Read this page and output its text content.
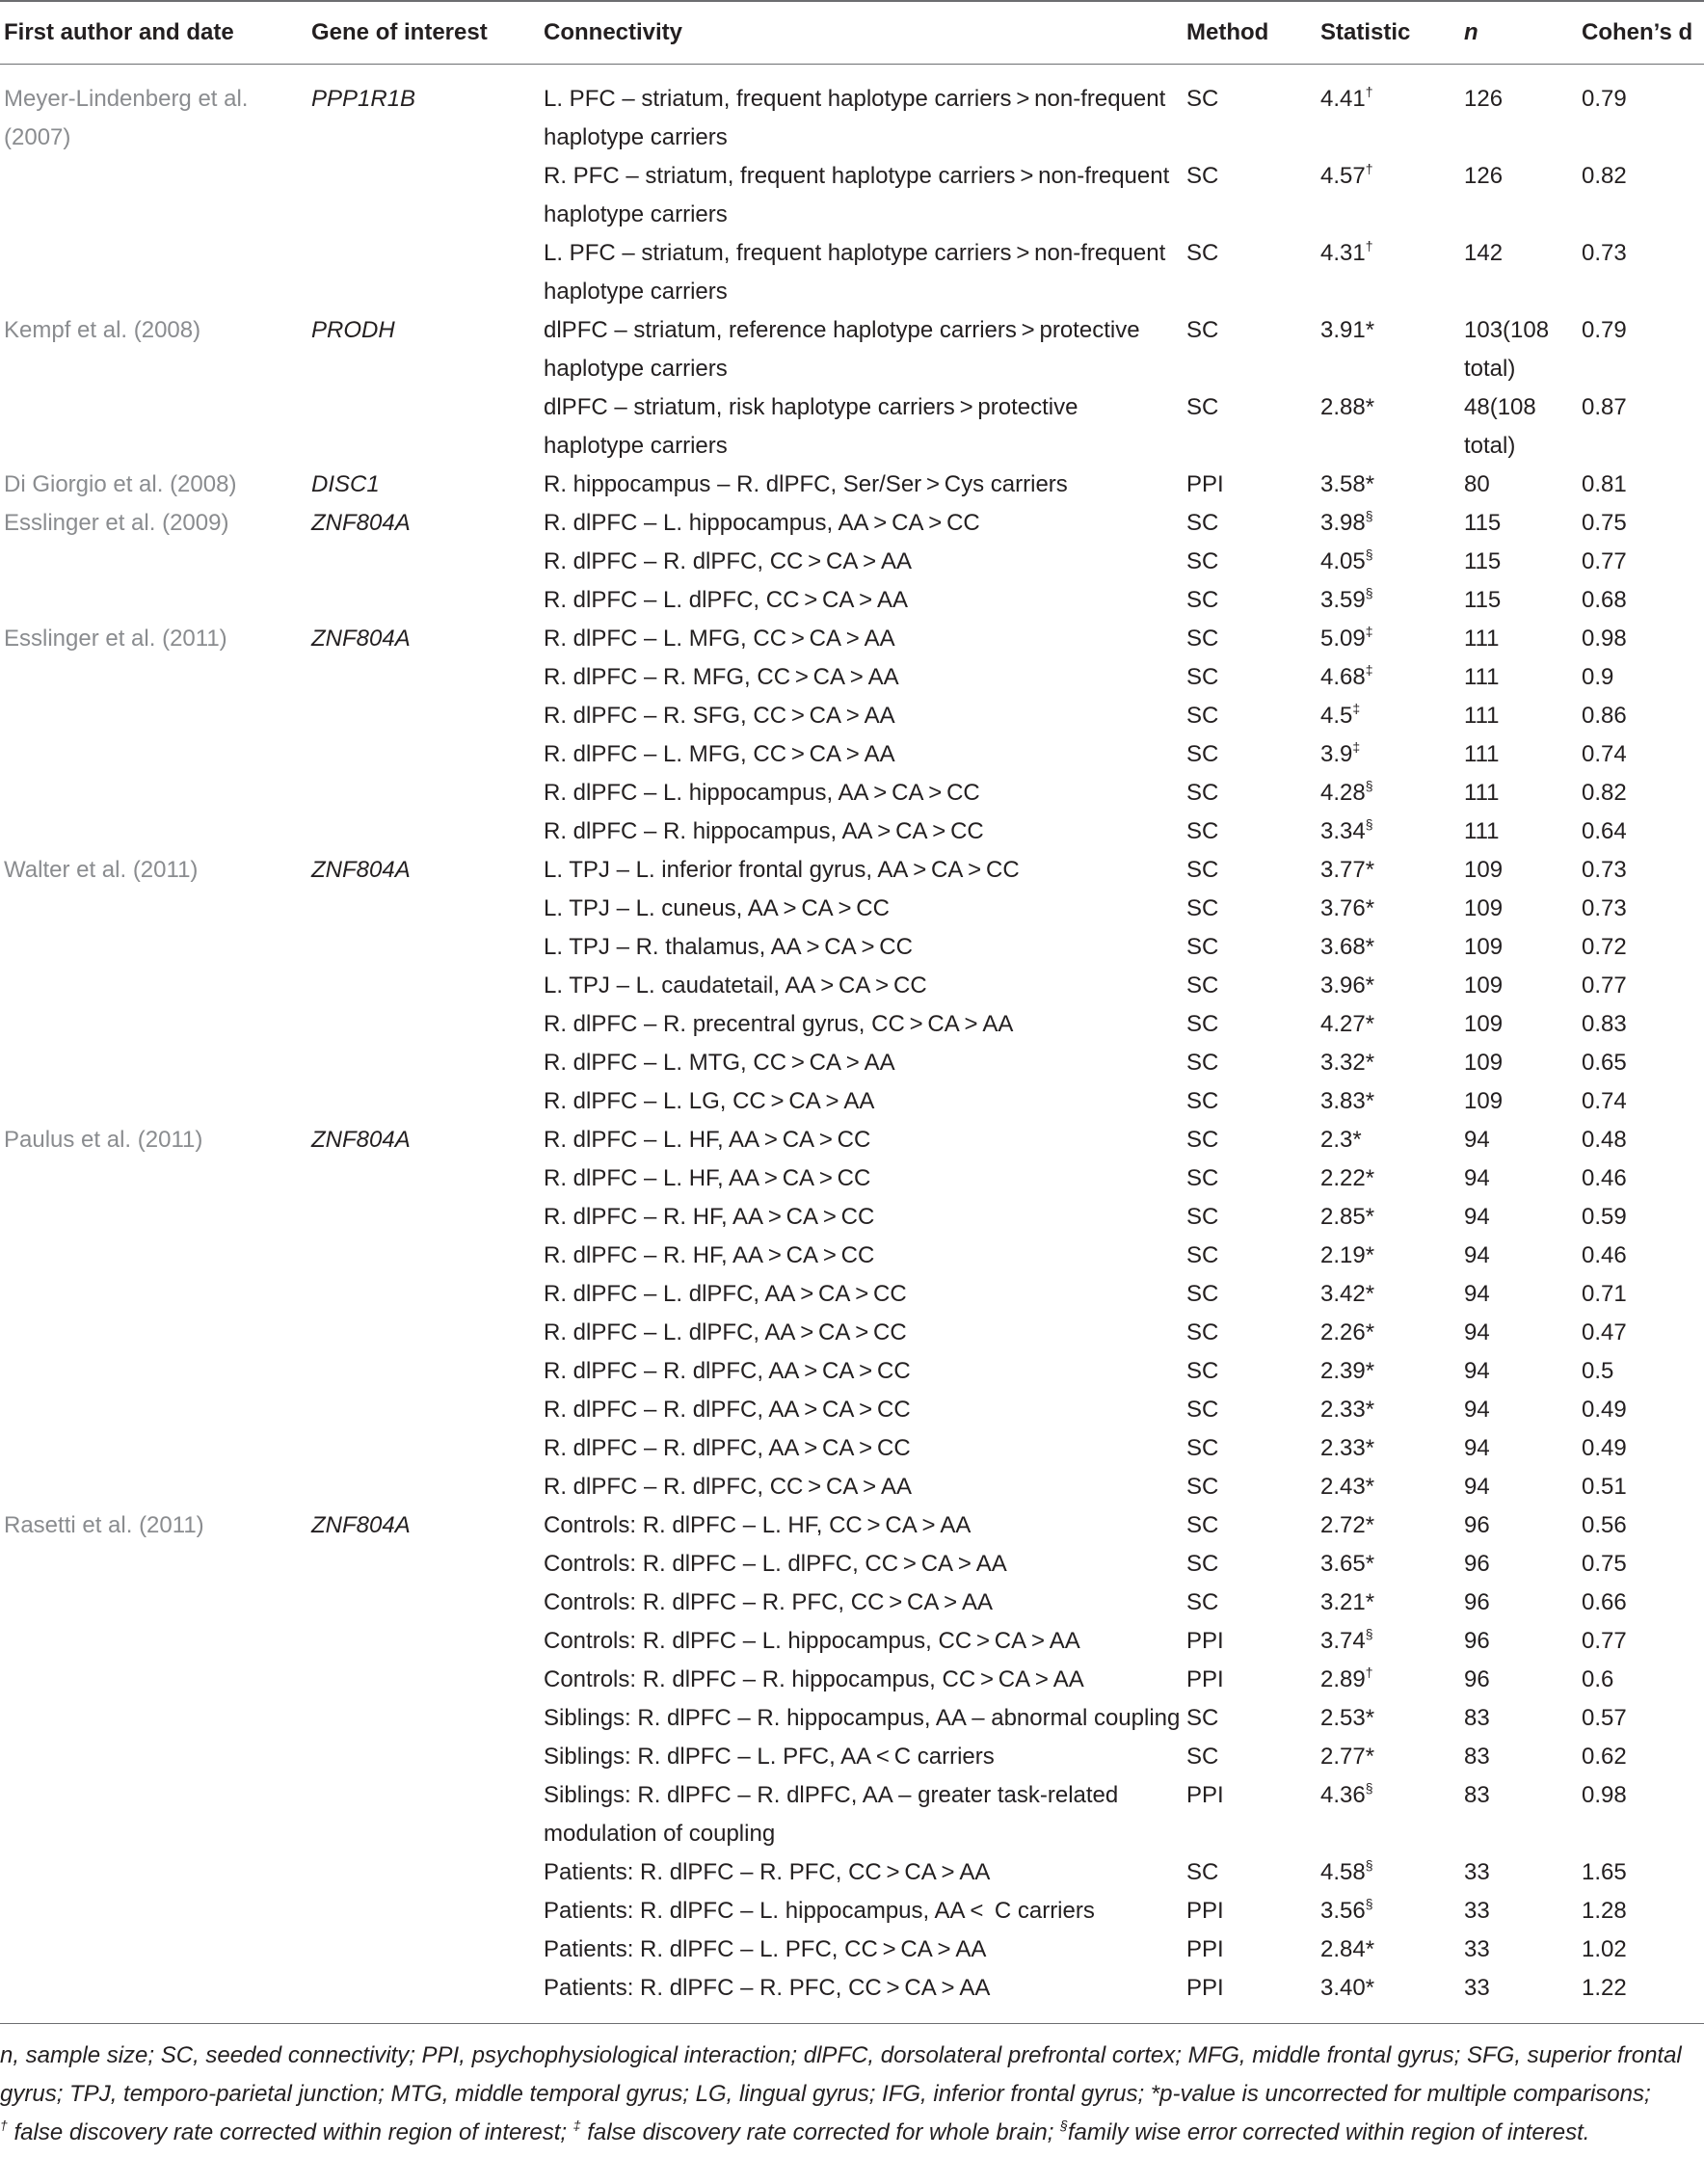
First author and date	Gene of interest	Connectivity	Method	Statistic	n	Cohen’s d
Meyer-Lindenberg et al. (2007)	PPP1R1B	L. PFC – striatum, frequent haplotype carriers > non-frequent haplotype carriers	SC	4.41†	126	0.79
		R. PFC – striatum, frequent haplotype carriers > non-frequent haplotype carriers	SC	4.57†	126	0.82
		L. PFC – striatum, frequent haplotype carriers > non-frequent haplotype carriers	SC	4.31†	142	0.73
Kempf et al. (2008)	PRODH	dlPFC – striatum, reference haplotype carriers > protective haplotype carriers	SC	3.91*	103(108 total)	0.79
		dlPFC – striatum, risk haplotype carriers > protective haplotype carriers	SC	2.88*	48(108 total)	0.87
Di Giorgio et al. (2008)	DISC1	R. hippocampus – R. dlPFC, Ser/Ser > Cys carriers	PPI	3.58*	80	0.81
Esslinger et al. (2009)	ZNF804A	R. dlPFC – L. hippocampus, AA > CA > CC	SC	3.98§	115	0.75
		R. dlPFC – R. dlPFC, CC > CA > AA	SC	4.05§	115	0.77
		R. dlPFC – L. dlPFC, CC > CA > AA	SC	3.59§	115	0.68
Esslinger et al. (2011)	ZNF804A	R. dlPFC – L. MFG, CC > CA > AA	SC	5.09‡	111	0.98
		R. dlPFC – R. MFG, CC > CA > AA	SC	4.68‡	111	0.9
		R. dlPFC – R. SFG, CC > CA > AA	SC	4.5‡	111	0.86
		R. dlPFC – L. MFG, CC > CA > AA	SC	3.9‡	111	0.74
		R. dlPFC – L. hippocampus, AA > CA > CC	SC	4.28§	111	0.82
		R. dlPFC – R. hippocampus, AA > CA > CC	SC	3.34§	111	0.64
Walter et al. (2011)	ZNF804A	L. TPJ – L. inferior frontal gyrus, AA > CA > CC	SC	3.77*	109	0.73
		L. TPJ – L. cuneus, AA > CA > CC	SC	3.76*	109	0.73
		L. TPJ – R. thalamus, AA > CA > CC	SC	3.68*	109	0.72
		L. TPJ – L. caudatetail, AA > CA > CC	SC	3.96*	109	0.77
		R. dlPFC – R. precentral gyrus, CC > CA > AA	SC	4.27*	109	0.83
		R. dlPFC – L. MTG, CC > CA > AA	SC	3.32*	109	0.65
		R. dlPFC – L. LG, CC > CA > AA	SC	3.83*	109	0.74
Paulus et al. (2011)	ZNF804A	R. dlPFC – L. HF, AA > CA > CC	SC	2.3*	94	0.48
		R. dlPFC – L. HF, AA > CA > CC	SC	2.22*	94	0.46
		R. dlPFC – R. HF, AA > CA > CC	SC	2.85*	94	0.59
		R. dlPFC – R. HF, AA > CA > CC	SC	2.19*	94	0.46
		R. dlPFC – L. dlPFC, AA > CA > CC	SC	3.42*	94	0.71
		R. dlPFC – L. dlPFC, AA > CA > CC	SC	2.26*	94	0.47
		R. dlPFC – R. dlPFC, AA > CA > CC	SC	2.39*	94	0.5
		R. dlPFC – R. dlPFC, AA > CA > CC	SC	2.33*	94	0.49
		R. dlPFC – R. dlPFC, AA > CA > CC	SC	2.33*	94	0.49
		R. dlPFC – R. dlPFC, CC > CA > AA	SC	2.43*	94	0.51
Rasetti et al. (2011)	ZNF804A	Controls: R. dlPFC – L. HF, CC > CA > AA	SC	2.72*	96	0.56
		Controls: R. dlPFC – L. dlPFC, CC > CA > AA	SC	3.65*	96	0.75
		Controls: R. dlPFC – R. PFC, CC > CA > AA	SC	3.21*	96	0.66
		Controls: R. dlPFC – L. hippocampus, CC > CA > AA	PPI	3.74§	96	0.77
		Controls: R. dlPFC – R. hippocampus, CC > CA > AA	PPI	2.89†	96	0.6
		Siblings: R. dlPFC – R. hippocampus, AA – abnormal coupling	SC	2.53*	83	0.57
		Siblings: R. dlPFC – L. PFC, AA < C carriers	SC	2.77*	83	0.62
		Siblings: R. dlPFC – R. dlPFC, AA – greater task-related modulation of coupling	PPI	4.36§	83	0.98
		Patients: R. dlPFC – R. PFC, CC > CA > AA	SC	4.58§	33	1.65
		Patients: R. dlPFC – L. hippocampus, AA <  C carriers	PPI	3.56§	33	1.28
		Patients: R. dlPFC – L. PFC, CC > CA > AA	PPI	2.84*	33	1.02
		Patients: R. dlPFC – R. PFC, CC > CA > AA	PPI	3.40*	33	1.22
n, sample size; SC, seeded connectivity; PPI, psychophysiological interaction; dlPFC, dorsolateral prefrontal cortex; MFG, middle frontal gyrus; SFG, superior frontal
gyrus; TPJ, temporo-parietal junction; MTG, middle temporal gyrus; LG, lingual gyrus; IFG, inferior frontal gyrus; *p-value is uncorrected for multiple comparisons;
† false discovery rate corrected within region of interest; ‡ false discovery rate corrected for whole brain; §family wise error corrected within region of interest.
